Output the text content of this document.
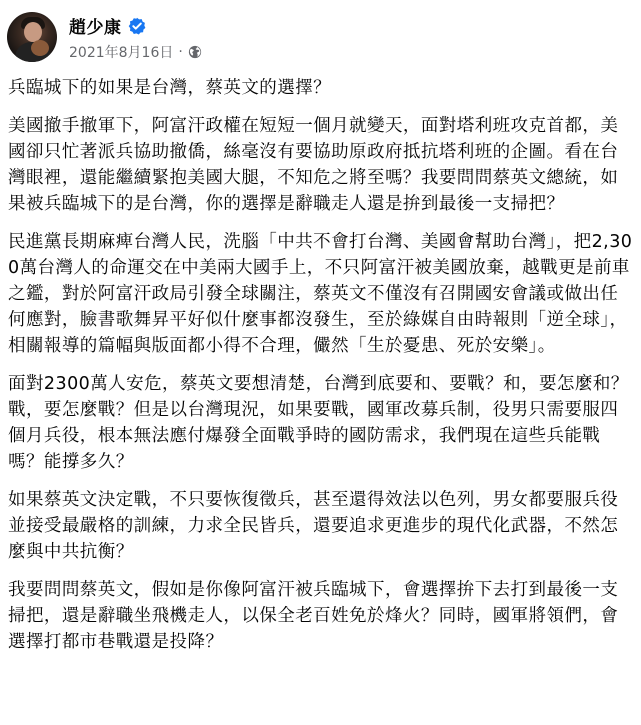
趙少康
2021年8月16日 ·

兵臨城下的如果是台灣，蔡英文的選擇？

美國撤手撤軍下，阿富汗政權在短短一個月就變天，面對塔利班攻克首都，美國卻只忙著派兵協助撤僑，絲毫沒有要協助原政府抵抗塔利班的企圖。看在台灣眼裡，還能繼續緊抱美國大腿，不知危之將至嗎？我要問問蔡英文總統，如果被兵臨城下的是台灣，你的選擇是辭職走人還是拚到最後一支掃把？

民進黨長期麻痺台灣人民，洗腦「中共不會打台灣、美國會幫助台灣」，把2,300萬台灣人的命運交在中美兩大國手上，不只阿富汗被美國放棄，越戰更是前車之鑑，對於阿富汗政局引發全球關注，蔡英文不僅沒有召開國安會議或做出任何應對，臉書歌舞昇平好似什麼事都沒發生，至於綠媒自由時報則「逆全球」，相關報導的篇幅與版面都小得不合理，儼然「生於憂患、死於安樂」。

面對2300萬人安危，蔡英文要想清楚，台灣到底要和、要戰？和，要怎麼和？戰，要怎麼戰？但是以台灣現況，如果要戰，國軍改募兵制，役男只需要服四個月兵役，根本無法應付爆發全面戰爭時的國防需求，我們現在這些兵能戰嗎？能撐多久？

如果蔡英文決定戰，不只要恢復徵兵，甚至還得效法以色列，男女都要服兵役並接受最嚴格的訓練，力求全民皆兵，還要追求更進步的現代化武器，不然怎麼與中共抗衡？

我要問問蔡英文，假如是你像阿富汗被兵臨城下，會選擇拚下去打到最後一支掃把，還是辭職坐飛機走人，以保全老百姓免於烽火？同時，國軍將領們，會選擇打都市巷戰還是投降？
